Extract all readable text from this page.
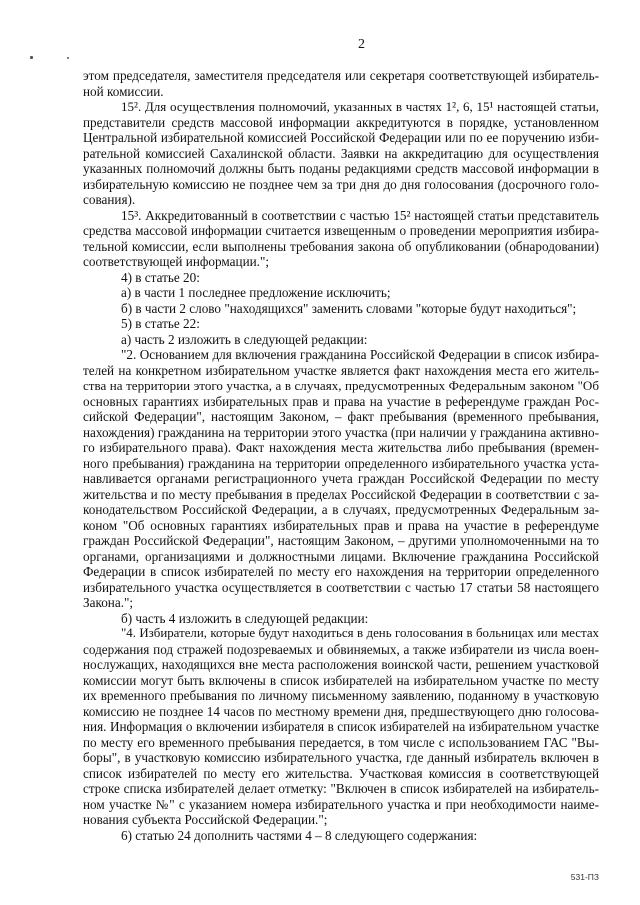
2
этом председателя, заместителя председателя или секретаря соответствующей избиратель-
ной комиссии.
15². Для осуществления полномочий, указанных в частях 1², 6, 15¹ настоящей статьи,
представители средств массовой информации аккредитуются в порядке, установленном
Центральной избирательной комиссией Российской Федерации или по ее поручению изби-
рательной комиссией Сахалинской области. Заявки на аккредитацию для осуществления
указанных полномочий должны быть поданы редакциями средств массовой информации в
избирательную комиссию не позднее чем за три дня до дня голосования (досрочного голо-
сования).
15³. Аккредитованный в соответствии с частью 15² настоящей статьи представитель
средства массовой информации считается извещенным о проведении мероприятия избира-
тельной комиссии, если выполнены требования закона об опубликовании (обнародовании)
соответствующей информации.";
4) в статье 20:
а) в части 1 последнее предложение исключить;
б) в части 2 слово "находящихся" заменить словами "которые будут находиться";
5) в статье 22:
а) часть 2 изложить в следующей редакции:
"2. Основанием для включения гражданина Российской Федерации в список избира-
телей на конкретном избирательном участке является факт нахождения места его житель-
ства на территории этого участка, а в случаях, предусмотренных Федеральным законом "Об
основных гарантиях избирательных прав и права на участие в референдуме граждан Рос-
сийской Федерации", настоящим Законом, – факт пребывания (временного пребывания,
нахождения) гражданина на территории этого участка (при наличии у гражданина активно-
го избирательного права). Факт нахождения места жительства либо пребывания (времен-
ного пребывания) гражданина на территории определенного избирательного участка уста-
навливается органами регистрационного учета граждан Российской Федерации по месту
жительства и по месту пребывания в пределах Российской Федерации в соответствии с за-
конодательством Российской Федерации, а в случаях, предусмотренных Федеральным за-
коном "Об основных гарантиях избирательных прав и права на участие в референдуме
граждан Российской Федерации", настоящим Законом, – другими уполномоченными на то
органами, организациями и должностными лицами. Включение гражданина Российской
Федерации в список избирателей по месту его нахождения на территории определенного
избирательного участка осуществляется в соответствии с частью 17 статьи 58 настоящего
Закона.";
б) часть 4 изложить в следующей редакции:
"4. Избиратели, которые будут находиться в день голосования в больницах или местах
содержания под стражей подозреваемых и обвиняемых, а также избиратели из числа воен-
нослужащих, находящихся вне места расположения воинской части, решением участковой
комиссии могут быть включены в список избирателей на избирательном участке по месту
их временного пребывания по личному письменному заявлению, поданному в участковую
комиссию не позднее 14 часов по местному времени дня, предшествующего дню голосова-
ния. Информация о включении избирателя в список избирателей на избирательном участке
по месту его временного пребывания передается, в том числе с использованием ГАС "Вы-
боры", в участковую комиссию избирательного участка, где данный избиратель включен в
список избирателей по месту его жительства. Участковая комиссия в соответствующей
строке списка избирателей делает отметку: "Включен в список избирателей на избиратель-
ном участке №" с указанием номера избирательного участка и при необходимости наиме-
нования субъекта Российской Федерации.";
6) статью 24 дополнить частями 4 – 8 следующего содержания:
531-ПЗ
